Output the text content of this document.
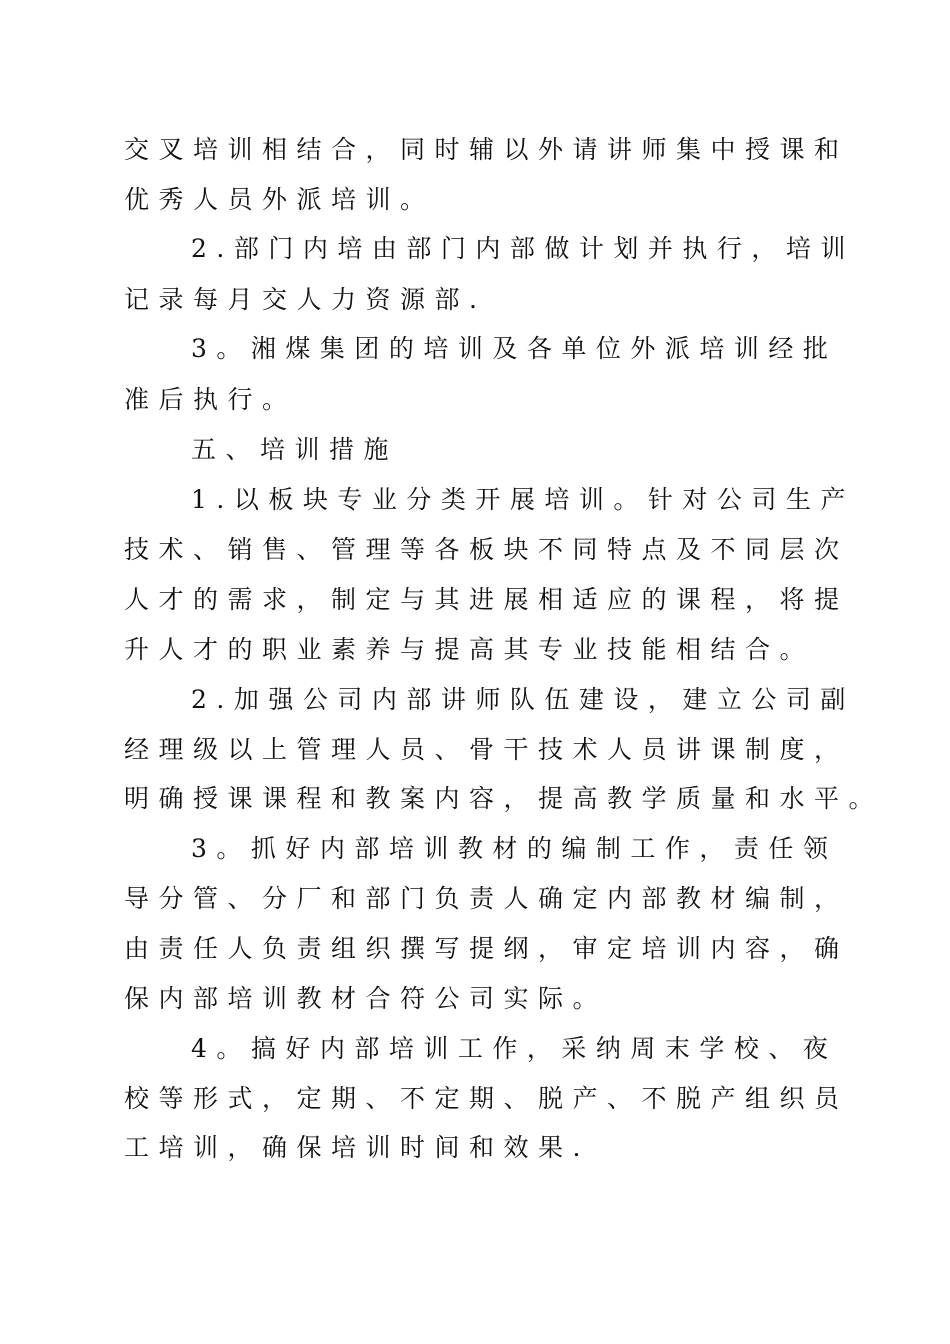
交叉培训相结合，同时辅以外请讲师集中授课和
优秀人员外派培训。
2.部门内培由部门内部做计划并执行，培训
记录每月交人力资源部.
3。湘煤集团的培训及各单位外派培训经批
准后执行。
五、培训措施
1.以板块专业分类开展培训。针对公司生产
技术、销售、管理等各板块不同特点及不同层次
人才的需求，制定与其进展相适应的课程，将提
升人才的职业素养与提高其专业技能相结合。
2.加强公司内部讲师队伍建设，建立公司副
经理级以上管理人员、骨干技术人员讲课制度，
明确授课课程和教案内容，提高教学质量和水平。
3。抓好内部培训教材的编制工作，责任领
导分管、分厂和部门负责人确定内部教材编制，
由责任人负责组织撰写提纲，审定培训内容，确
保内部培训教材合符公司实际。
4。搞好内部培训工作，采纳周末学校、夜
校等形式，定期、不定期、脱产、不脱产组织员
工培训，确保培训时间和效果.
